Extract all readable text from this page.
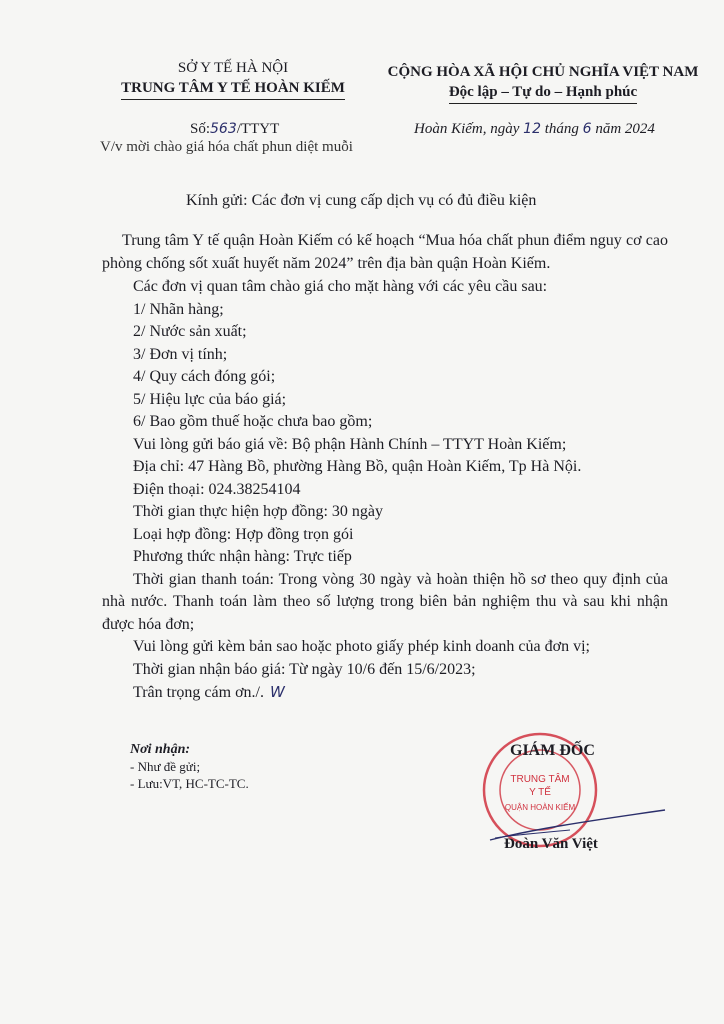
SỞ Y TẾ HÀ NỘI
TRUNG TÂM Y TẾ HOÀN KIẾM
Số:563/TTYT
V/v mời chào giá hóa chất phun diệt muỗi
CỘNG HÒA XÃ HỘI CHỦ NGHĨA VIỆT NAM
Độc lập – Tự do – Hạnh phúc
Hoàn Kiếm, ngày 12 tháng 6 năm 2024
Kính gửi: Các đơn vị cung cấp dịch vụ có đủ điều kiện
Trung tâm Y tế quận Hoàn Kiếm có kế hoạch “Mua hóa chất phun điểm nguy cơ cao phòng chống sốt xuất huyết năm 2024” trên địa bàn quận Hoàn Kiếm.
Các đơn vị quan tâm chào giá cho mặt hàng với các yêu cầu sau:
1/ Nhãn hàng;
2/ Nước sản xuất;
3/ Đơn vị tính;
4/ Quy cách đóng gói;
5/ Hiệu lực của báo giá;
6/ Bao gồm thuế hoặc chưa bao gồm;
Vui lòng gửi báo giá về: Bộ phận Hành Chính – TTYT Hoàn Kiếm;
Địa chỉ: 47 Hàng Bồ, phường Hàng Bồ, quận Hoàn Kiếm, Tp Hà Nội.
Điện thoại: 024.38254104
Thời gian thực hiện hợp đồng: 30 ngày
Loại hợp đồng: Hợp đồng trọn gói
Phương thức nhận hàng: Trực tiếp
Thời gian thanh toán: Trong vòng 30 ngày và hoàn thiện hồ sơ theo quy định của nhà nước. Thanh toán làm theo số lượng trong biên bản nghiệm thu và sau khi nhận được hóa đơn;
Vui lòng gửi kèm bản sao hoặc photo giấy phép kinh doanh của đơn vị;
Thời gian nhận báo giá: Từ ngày 10/6 đến 15/6/2023;
Trân trọng cám ơn./. W
Nơi nhận:
- Như đề gửi;
- Lưu:VT, HC-TC-TC.	TRUNG TÂM
Y TẾ
QUẬN HOÀN KIẾM
GIÁM ĐỐC
Đoàn Văn Việt
